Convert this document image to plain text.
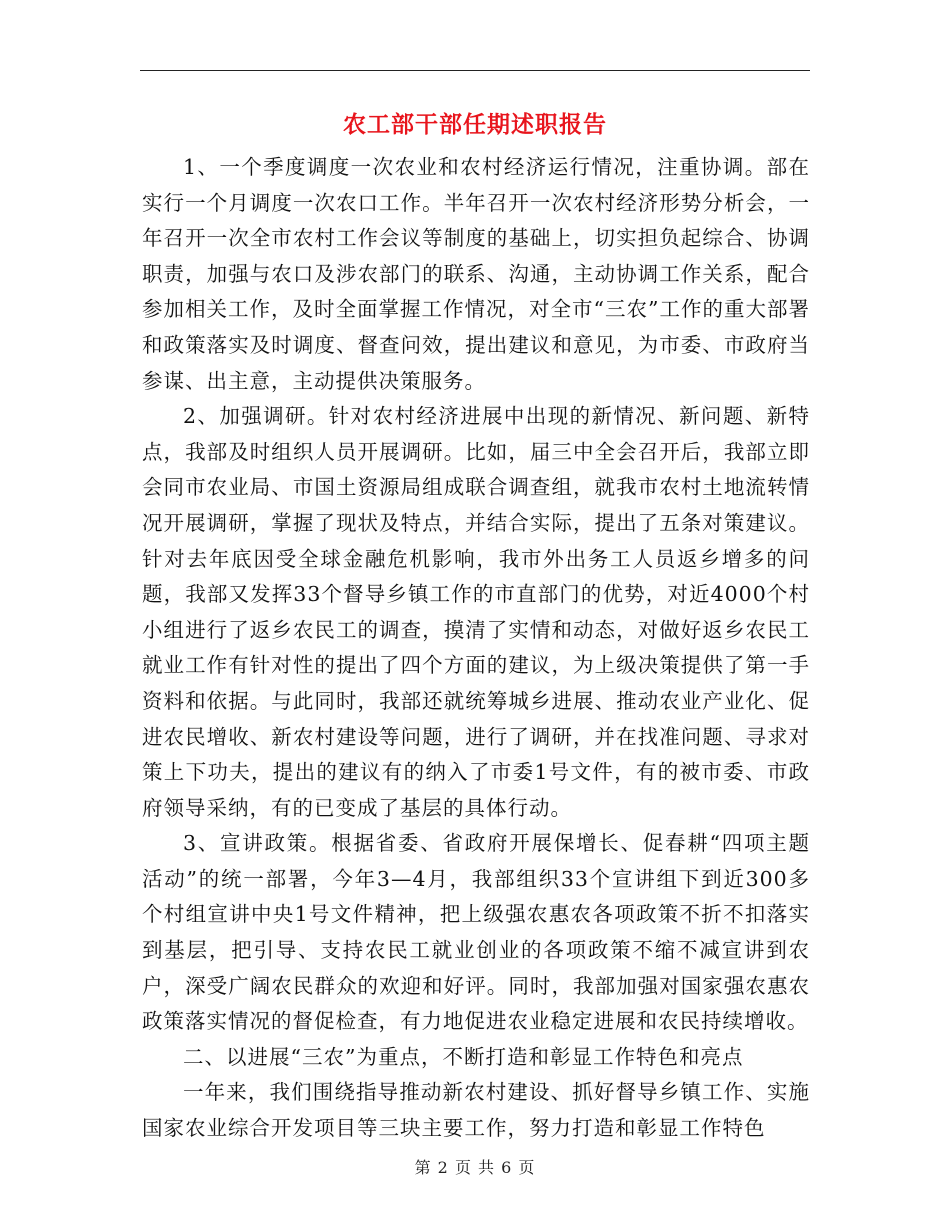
农工部干部任期述职报告

1、一个季度调度一次农业和农村经济运行情况，注重协调。部在实行一个月调度一次农口工作。半年召开一次农村经济形势分析会，一年召开一次全市农村工作会议等制度的基础上，切实担负起综合、协调职责，加强与农口及涉农部门的联系、沟通，主动协调工作关系，配合参加相关工作，及时全面掌握工作情况，对全市“三农”工作的重大部署和政策落实及时调度、督查问效，提出建议和意见，为市委、市政府当参谋、出主意，主动提供决策服务。

2、加强调研。针对农村经济进展中出现的新情况、新问题、新特点，我部及时组织人员开展调研。比如，届三中全会召开后，我部立即会同市农业局、市国土资源局组成联合调查组，就我市农村土地流转情况开展调研，掌握了现状及特点，并结合实际，提出了五条对策建议。针对去年底因受全球金融危机影响，我市外出务工人员返乡增多的问题，我部又发挥33个督导乡镇工作的市直部门的优势，对近4000个村小组进行了返乡农民工的调查，摸清了实情和动态，对做好返乡农民工就业工作有针对性的提出了四个方面的建议，为上级决策提供了第一手资料和依据。与此同时，我部还就统筹城乡进展、推动农业产业化、促进农民增收、新农村建设等问题，进行了调研，并在找准问题、寻求对策上下功夫，提出的建议有的纳入了市委1号文件，有的被市委、市政府领导采纳，有的已变成了基层的具体行动。

3、宣讲政策。根据省委、省政府开展保增长、促春耕“四项主题活动”的统一部署，今年3—4月，我部组织33个宣讲组下到近300多个村组宣讲中央1号文件精神，把上级强农惠农各项政策不折不扣落实到基层，把引导、支持农民工就业创业的各项政策不缩不减宣讲到农户，深受广阔农民群众的欢迎和好评。同时，我部加强对国家强农惠农政策落实情况的督促检查，有力地促进农业稳定进展和农民持续增收。

二、以进展“三农”为重点，不断打造和彰显工作特色和亮点

一年来，我们围绕指导推动新农村建设、抓好督导乡镇工作、实施国家农业综合开发项目等三块主要工作，努力打造和彰显工作特色

第 2 页 共 6 页
